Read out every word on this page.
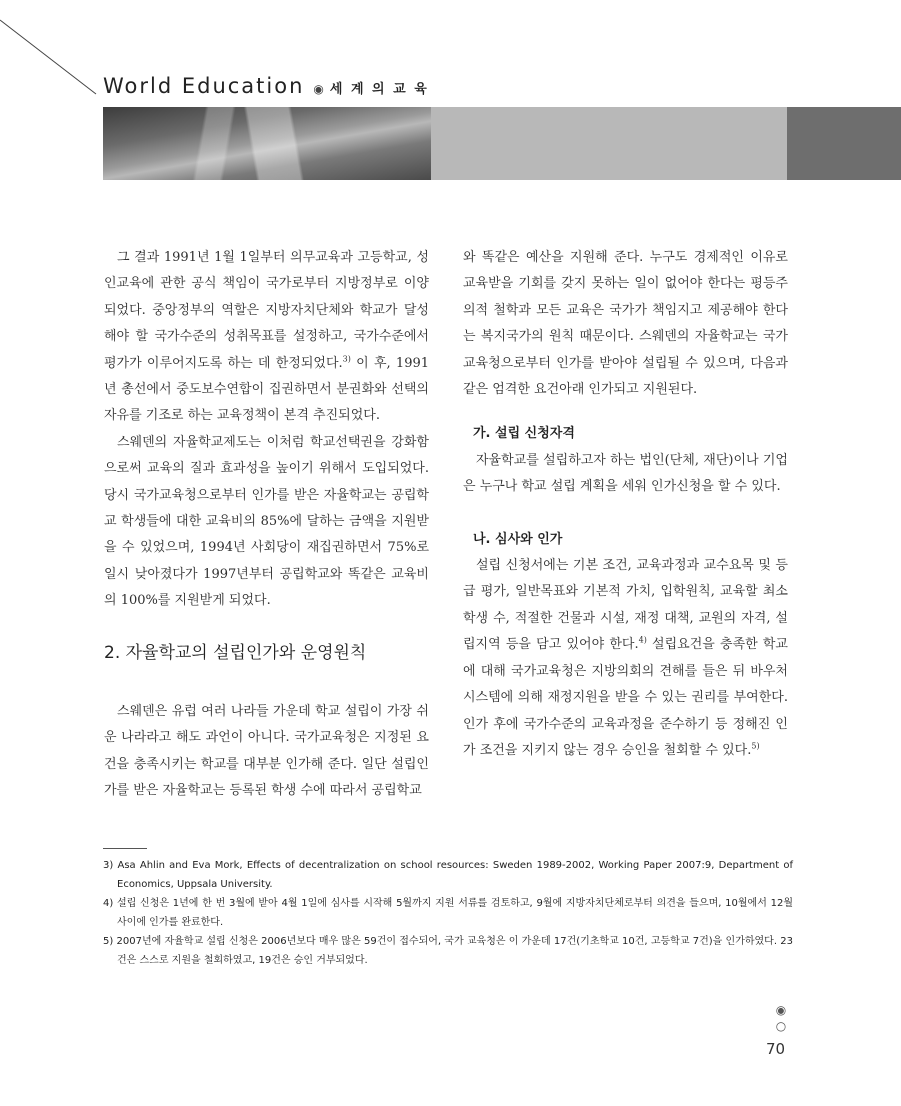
World Education ◉ 세 계 의 교 육

그 결과 1991년 1월 1일부터 의무교육과 고등학교, 성인교육에 관한 공식 책임이 국가로부터 지방정부로 이양되었다. 중앙정부의 역할은 지방자치단체와 학교가 달성해야 할 국가수준의 성취목표를 설정하고, 국가수준에서 평가가 이루어지도록 하는 데 한정되었다.$^{3)}$ 이 후, 1991년 총선에서 중도보수연합이 집권하면서 분권화와 선택의 자유를 기조로 하는 교육정책이 본격 추진되었다.

스웨덴의 자율학교제도는 이처럼 학교선택권을 강화함으로써 교육의 질과 효과성을 높이기 위해서 도입되었다. 당시 국가교육청으로부터 인가를 받은 자율학교는 공립학교 학생들에 대한 교육비의 85%에 달하는 금액을 지원받을 수 있었으며, 1994년 사회당이 재집권하면서 75%로 일시 낮아졌다가 1997년부터 공립학교와 똑같은 교육비의 100%를 지원받게 되었다.

2. 자율학교의 설립인가와 운영원칙

스웨덴은 유럽 여러 나라들 가운데 학교 설립이 가장 쉬운 나라라고 해도 과언이 아니다. 국가교육청은 지정된 요건을 충족시키는 학교를 대부분 인가해 준다. 일단 설립인가를 받은 자율학교는 등록된 학생 수에 따라서 공립학교

와 똑같은 예산을 지원해 준다. 누구도 경제적인 이유로 교육받을 기회를 갖지 못하는 일이 없어야 한다는 평등주의적 철학과 모든 교육은 국가가 책임지고 제공해야 한다는 복지국가의 원칙 때문이다. 스웨덴의 자율학교는 국가교육청으로부터 인가를 받아야 설립될 수 있으며, 다음과 같은 엄격한 요건아래 인가되고 지원된다.

가. 설립 신청자격

자율학교를 설립하고자 하는 법인(단체, 재단)이나 기업은 누구나 학교 설립 계획을 세워 인가신청을 할 수 있다.

나. 심사와 인가

설립 신청서에는 기본 조건, 교육과정과 교수요목 및 등급 평가, 일반목표와 기본적 가치, 입학원칙, 교육할 최소 학생 수, 적절한 건물과 시설, 재정 대책, 교원의 자격, 설립지역 등을 담고 있어야 한다.$^{4)}$ 설립요건을 충족한 학교에 대해 국가교육청은 지방의회의 견해를 들은 뒤 바우처 시스템에 의해 재정지원을 받을 수 있는 권리를 부여한다. 인가 후에 국가수준의 교육과정을 준수하기 등 정해진 인가 조건을 지키지 않는 경우 승인을 철회할 수 있다.$^{5)}$

3) Asa Ahlin and Eva Mork, Effects of decentralization on school resources: Sweden 1989-2002, Working Paper 2007:9, Department of Economics, Uppsala University.
4) 설립 신청은 1년에 한 번 3월에 받아 4월 1일에 심사를 시작해 5월까지 지원 서류를 검토하고, 9월에 지방자치단체로부터 의견을 들으며, 10월에서 12월 사이에 인가를 완료한다.
5) 2007년에 자율학교 설립 신청은 2006년보다 매우 많은 59건이 접수되어, 국가 교육청은 이 가운데 17건(기초학교 10건, 고등학교 7건)을 인가하였다. 23건은 스스로 지원을 철회하였고, 19건은 승인 거부되었다.
◉
○
70
